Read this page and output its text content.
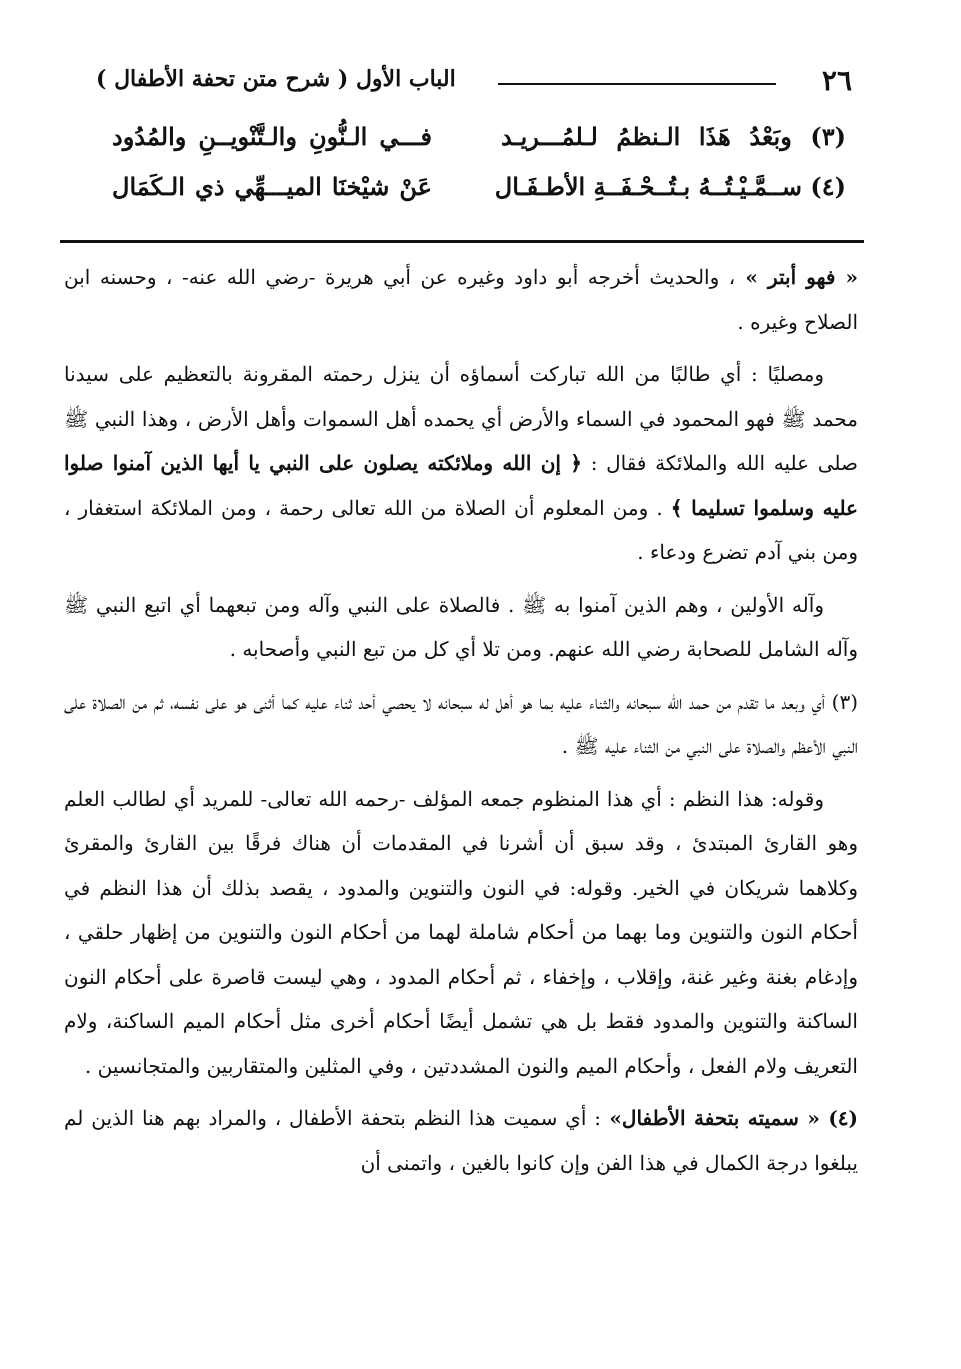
٢٦
الباب الأول ( شرح متن تحفة الأطفال )
(٣) وبَعْدُ هَذَا الـنظمُ لـلمُـــريـد
فـــي الـنُّونِ والـتَّنْويــنِ والمُدُود
(٤) ســمَّـيْـتُــهُ بـتُــحْـفَــةِ الأطـفَـال
عَنْ شيْخنَا الميـــهِّي ذي الـكَمَال

« فهو أبتر » ، والحديث أخرجه أبو داود وغيره عن أبي هريرة -رضي الله عنه- ، وحسنه ابن الصلاح وغيره .

ومصليًا : أي طالبًا من الله تباركت أسماؤه أن ينزل رحمته المقرونة بالتعظيم على سيدنا محمد ﷺ فهو المحمود في السماء والأرض أي يحمده أهل السموات وأهل الأرض ، وهذا النبي ﷺ صلى عليه الله والملائكة فقال : ﴿ إن الله وملائكته يصلون على النبي يا أيها الذين آمنوا صلوا عليه وسلموا تسليما ﴾ . ومن المعلوم أن الصلاة من الله تعالى رحمة ، ومن الملائكة استغفار ، ومن بني آدم تضرع ودعاء .

وآله الأولين ، وهم الذين آمنوا به ﷺ . فالصلاة على النبي وآله ومن تبعهما أي اتبع النبي ﷺ وآله الشامل للصحابة رضي الله عنهم. ومن تلا أي كل من تبع النبي وأصحابه .

(٣) أي وبعد ما تقدم من حمد الله سبحانه والثناء عليه بما هو أهل له سبحانه لا يحصي أحد ثناء عليه كما أثنى هو على نفسه، ثم من الصلاة على النبي الأعظم والصلاة على النبي من الثناء عليه ﷺ .

وقوله: هذا النظم : أي هذا المنظوم جمعه المؤلف -رحمه الله تعالى- للمريد أي لطالب العلم وهو القارئ المبتدئ ، وقد سبق أن أشرنا في المقدمات أن هناك فرقًا بين القارئ والمقرئ وكلاهما شريكان في الخير. وقوله: في النون والتنوين والمدود ، يقصد بذلك أن هذا النظم في أحكام النون والتنوين وما بهما من أحكام شاملة لهما من أحكام النون والتنوين من إظهار حلقي ، وإدغام بغنة وغير غنة، وإقلاب ، وإخفاء ، ثم أحكام المدود ، وهي ليست قاصرة على أحكام النون الساكنة والتنوين والمدود فقط بل هي تشمل أيضًا أحكام أخرى مثل أحكام الميم الساكنة، ولام التعريف ولام الفعل ، وأحكام الميم والنون المشددتين ، وفي المثلين والمتقاربين والمتجانسين .

(٤) « سميته بتحفة الأطفال» : أي سميت هذا النظم بتحفة الأطفال ، والمراد بهم هنا الذين لم يبلغوا درجة الكمال في هذا الفن وإن كانوا بالغين ، واتمنى أن
